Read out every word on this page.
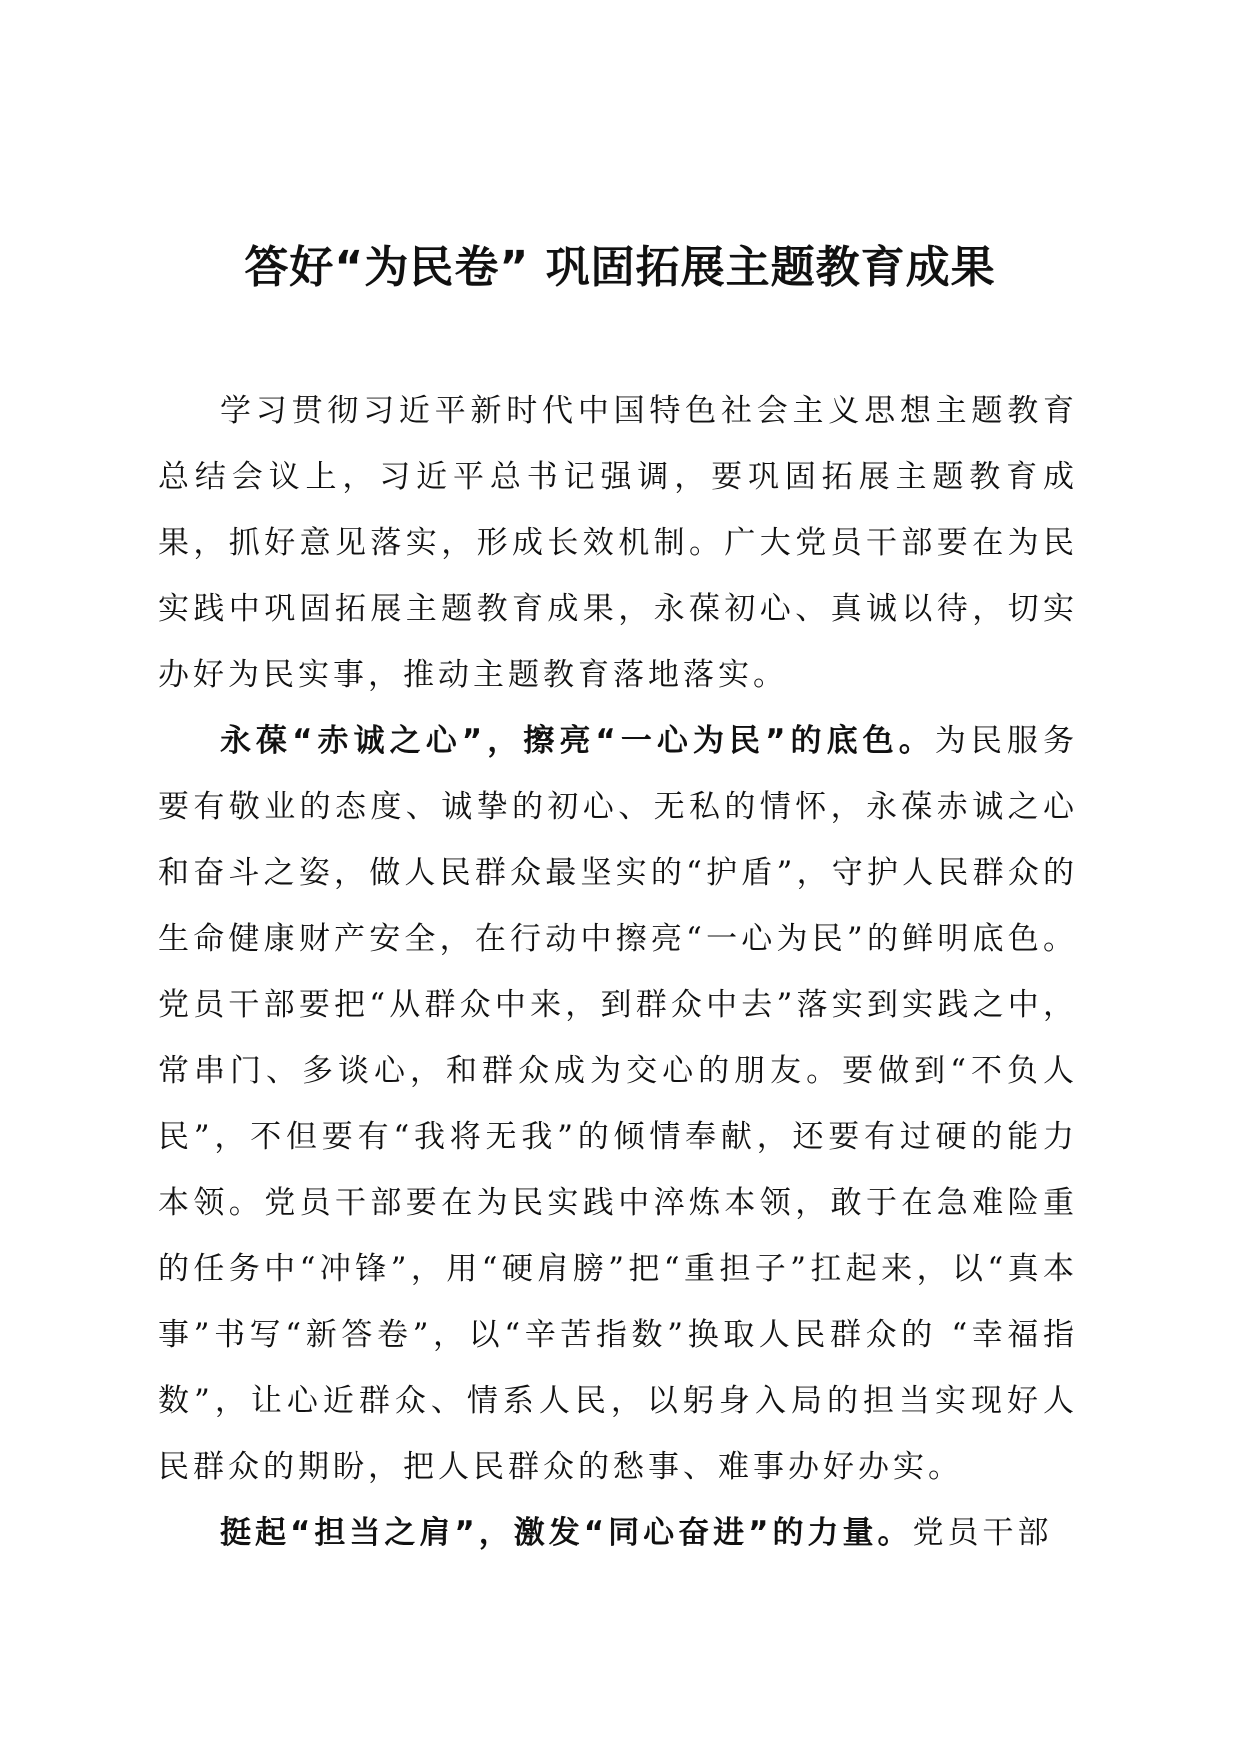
答好“为民卷” 巩固拓展主题教育成果

学习贯彻习近平新时代中国特色社会主义思想主题教育总结会议上，习近平总书记强调，要巩固拓展主题教育成果，抓好意见落实，形成长效机制。广大党员干部要在为民实践中巩固拓展主题教育成果，永葆初心、真诚以待，切实办好为民实事，推动主题教育落地落实。

永葆“赤诚之心”，擦亮“一心为民”的底色。为民服务要有敬业的态度、诚挚的初心、无私的情怀，永葆赤诚之心和奋斗之姿，做人民群众最坚实的“护盾”，守护人民群众的生命健康财产安全，在行动中擦亮“一心为民”的鲜明底色。党员干部要把“从群众中来，到群众中去”落实到实践之中，常串门、多谈心，和群众成为交心的朋友。要做到“不负人民”，不但要有“我将无我”的倾情奉献，还要有过硬的能力本领。党员干部要在为民实践中淬炼本领，敢于在急难险重的任务中“冲锋”，用“硬肩膀”把“重担子”扛起来，以“真本事”书写“新答卷”，以“辛苦指数”换取人民群众的 “幸福指数”，让心近群众、情系人民，以躬身入局的担当实现好人民群众的期盼，把人民群众的愁事、难事办好办实。

挺起“担当之肩”，激发“同心奋进”的力量。党员干部
